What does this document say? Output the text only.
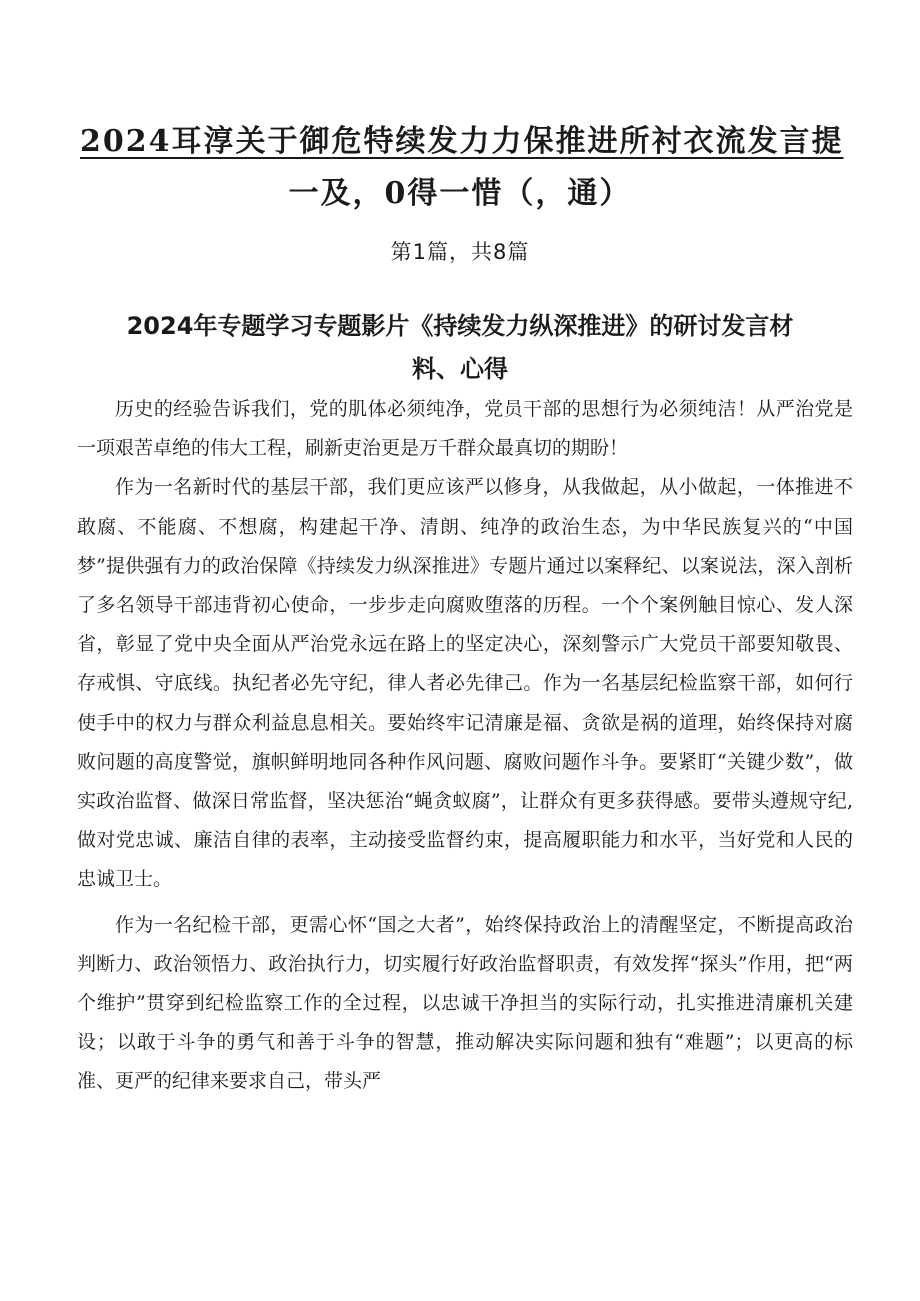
2024耳淳关于御危特续发力力保推进所衬衣流发言提
一及，0得一惜（，通）
第1篇，共8篇
2024年专题学习专题影片《持续发力纵深推进》的研讨发言材
料、心得

历史的经验告诉我们，党的肌体必须纯净，党员干部的思想行为必须纯洁！从严治党是一项艰苦卓绝的伟大工程，刷新吏治更是万千群众最真切的期盼！

作为一名新时代的基层干部，我们更应该严以修身，从我做起，从小做起，一体推进不敢腐、不能腐、不想腐，构建起干净、清朗、纯净的政治生态，为中华民族复兴的“中国梦”提供强有力的政治保障《持续发力纵深推进》专题片通过以案释纪、以案说法，深入剖析了多名领导干部违背初心使命，一步步走向腐败堕落的历程。一个个案例触目惊心、发人深省，彰显了党中央全面从严治党永远在路上的坚定决心，深刻警示广大党员干部要知敬畏、存戒惧、守底线。执纪者必先守纪，律人者必先律己。作为一名基层纪检监察干部，如何行使手中的权力与群众利益息息相关。要始终牢记清廉是福、贪欲是祸的道理，始终保持对腐败问题的高度警觉，旗帜鲜明地同各种作风问题、腐败问题作斗争。要紧盯“关键少数”，做实政治监督、做深日常监督，坚决惩治“蝇贪蚁腐”，让群众有更多获得感。要带头遵规守纪,做对党忠诚、廉洁自律的表率，主动接受监督约束，提高履职能力和水平，当好党和人民的忠诚卫士。

作为一名纪检干部，更需心怀“国之大者”，始终保持政治上的清醒坚定，不断提高政治判断力、政治领悟力、政治执行力，切实履行好政治监督职责，有效发挥“探头”作用，把“两个维护”贯穿到纪检监察工作的全过程，以忠诚干净担当的实际行动，扎实推进清廉机关建设；以敢于斗争的勇气和善于斗争的智慧，推动解决实际问题和独有“难题”；以更高的标准、更严的纪律来要求自己，带头严
